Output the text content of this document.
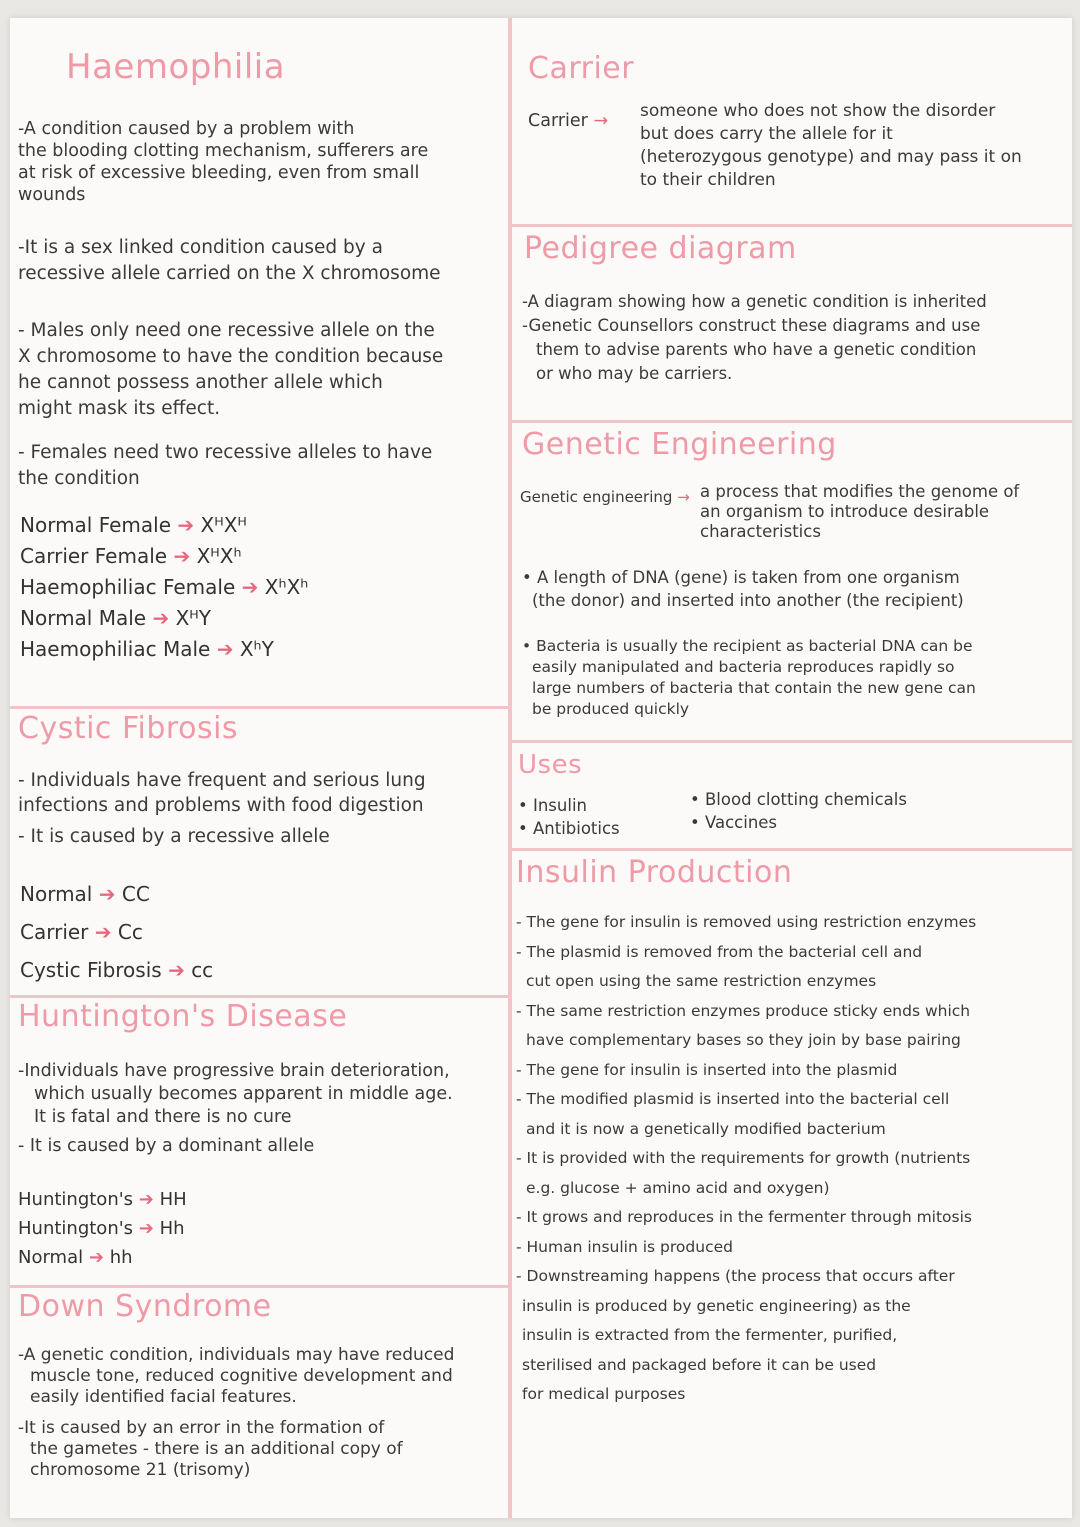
Haemophilia
-A condition caused by a problem with
the blooding clotting mechanism, sufferers are
at risk of excessive bleeding, even from small
wounds
-It is a sex linked condition caused by a
recessive allele carried on the X chromosome
- Males only need one recessive allele on the
X chromosome to have the condition because
he cannot possess another allele which
might mask its effect.
- Females need two recessive alleles to have
the condition
Normal Female ➔ XᴴXᴴ
Carrier Female ➔ XᴴXʰ
Haemophiliac Female ➔ XʰXʰ
Normal Male ➔ XᴴY
Haemophiliac Male ➔ XʰY
Cystic Fibrosis
- Individuals have frequent and serious lung
infections and problems with food digestion
- It is caused by a recessive allele
Normal ➔ CC
Carrier ➔ Cc
Cystic Fibrosis ➔ cc
Huntington's Disease
-Individuals have progressive brain deterioration,
which usually becomes apparent in middle age.
It is fatal and there is no cure
- It is caused by a dominant allele
Huntington's ➔ HH
Huntington's ➔ Hh
Normal ➔ hh
Down Syndrome
-A genetic condition, individuals may have reduced
muscle tone, reduced cognitive development and
easily identified facial features.
-It is caused by an error in the formation of
the gametes - there is an additional copy of
chromosome 21 (trisomy)
Carrier
Carrier → someone who does not show the disorder
but does carry the allele for it
(heterozygous genotype) and may pass it on
to their children
Pedigree diagram
-A diagram showing how a genetic condition is inherited
-Genetic Counsellors construct these diagrams and use
them to advise parents who have a genetic condition
or who may be carriers.
Genetic Engineering
Genetic engineering → a process that modifies the genome of
an organism to introduce desirable
characteristics
• A length of DNA (gene) is taken from one organism
(the donor) and inserted into another (the recipient)
• Bacteria is usually the recipient as bacterial DNA can be
easily manipulated and bacteria reproduces rapidly so
large numbers of bacteria that contain the new gene can
be produced quickly
Uses
• Insulin
• Antibiotics
• Blood clotting chemicals
• Vaccines
Insulin Production
- The gene for insulin is removed using restriction enzymes
- The plasmid is removed from the bacterial cell and
cut open using the same restriction enzymes
- The same restriction enzymes produce sticky ends which
have complementary bases so they join by base pairing
- The gene for insulin is inserted into the plasmid
- The modified plasmid is inserted into the bacterial cell
and it is now a genetically modified bacterium
- It is provided with the requirements for growth (nutrients
e.g. glucose + amino acid and oxygen)
- It grows and reproduces in the fermenter through mitosis
- Human insulin is produced
- Downstreaming happens (the process that occurs after
insulin is produced by genetic engineering) as the
insulin is extracted from the fermenter, purified,
sterilised and packaged before it can be used
for medical purposes
